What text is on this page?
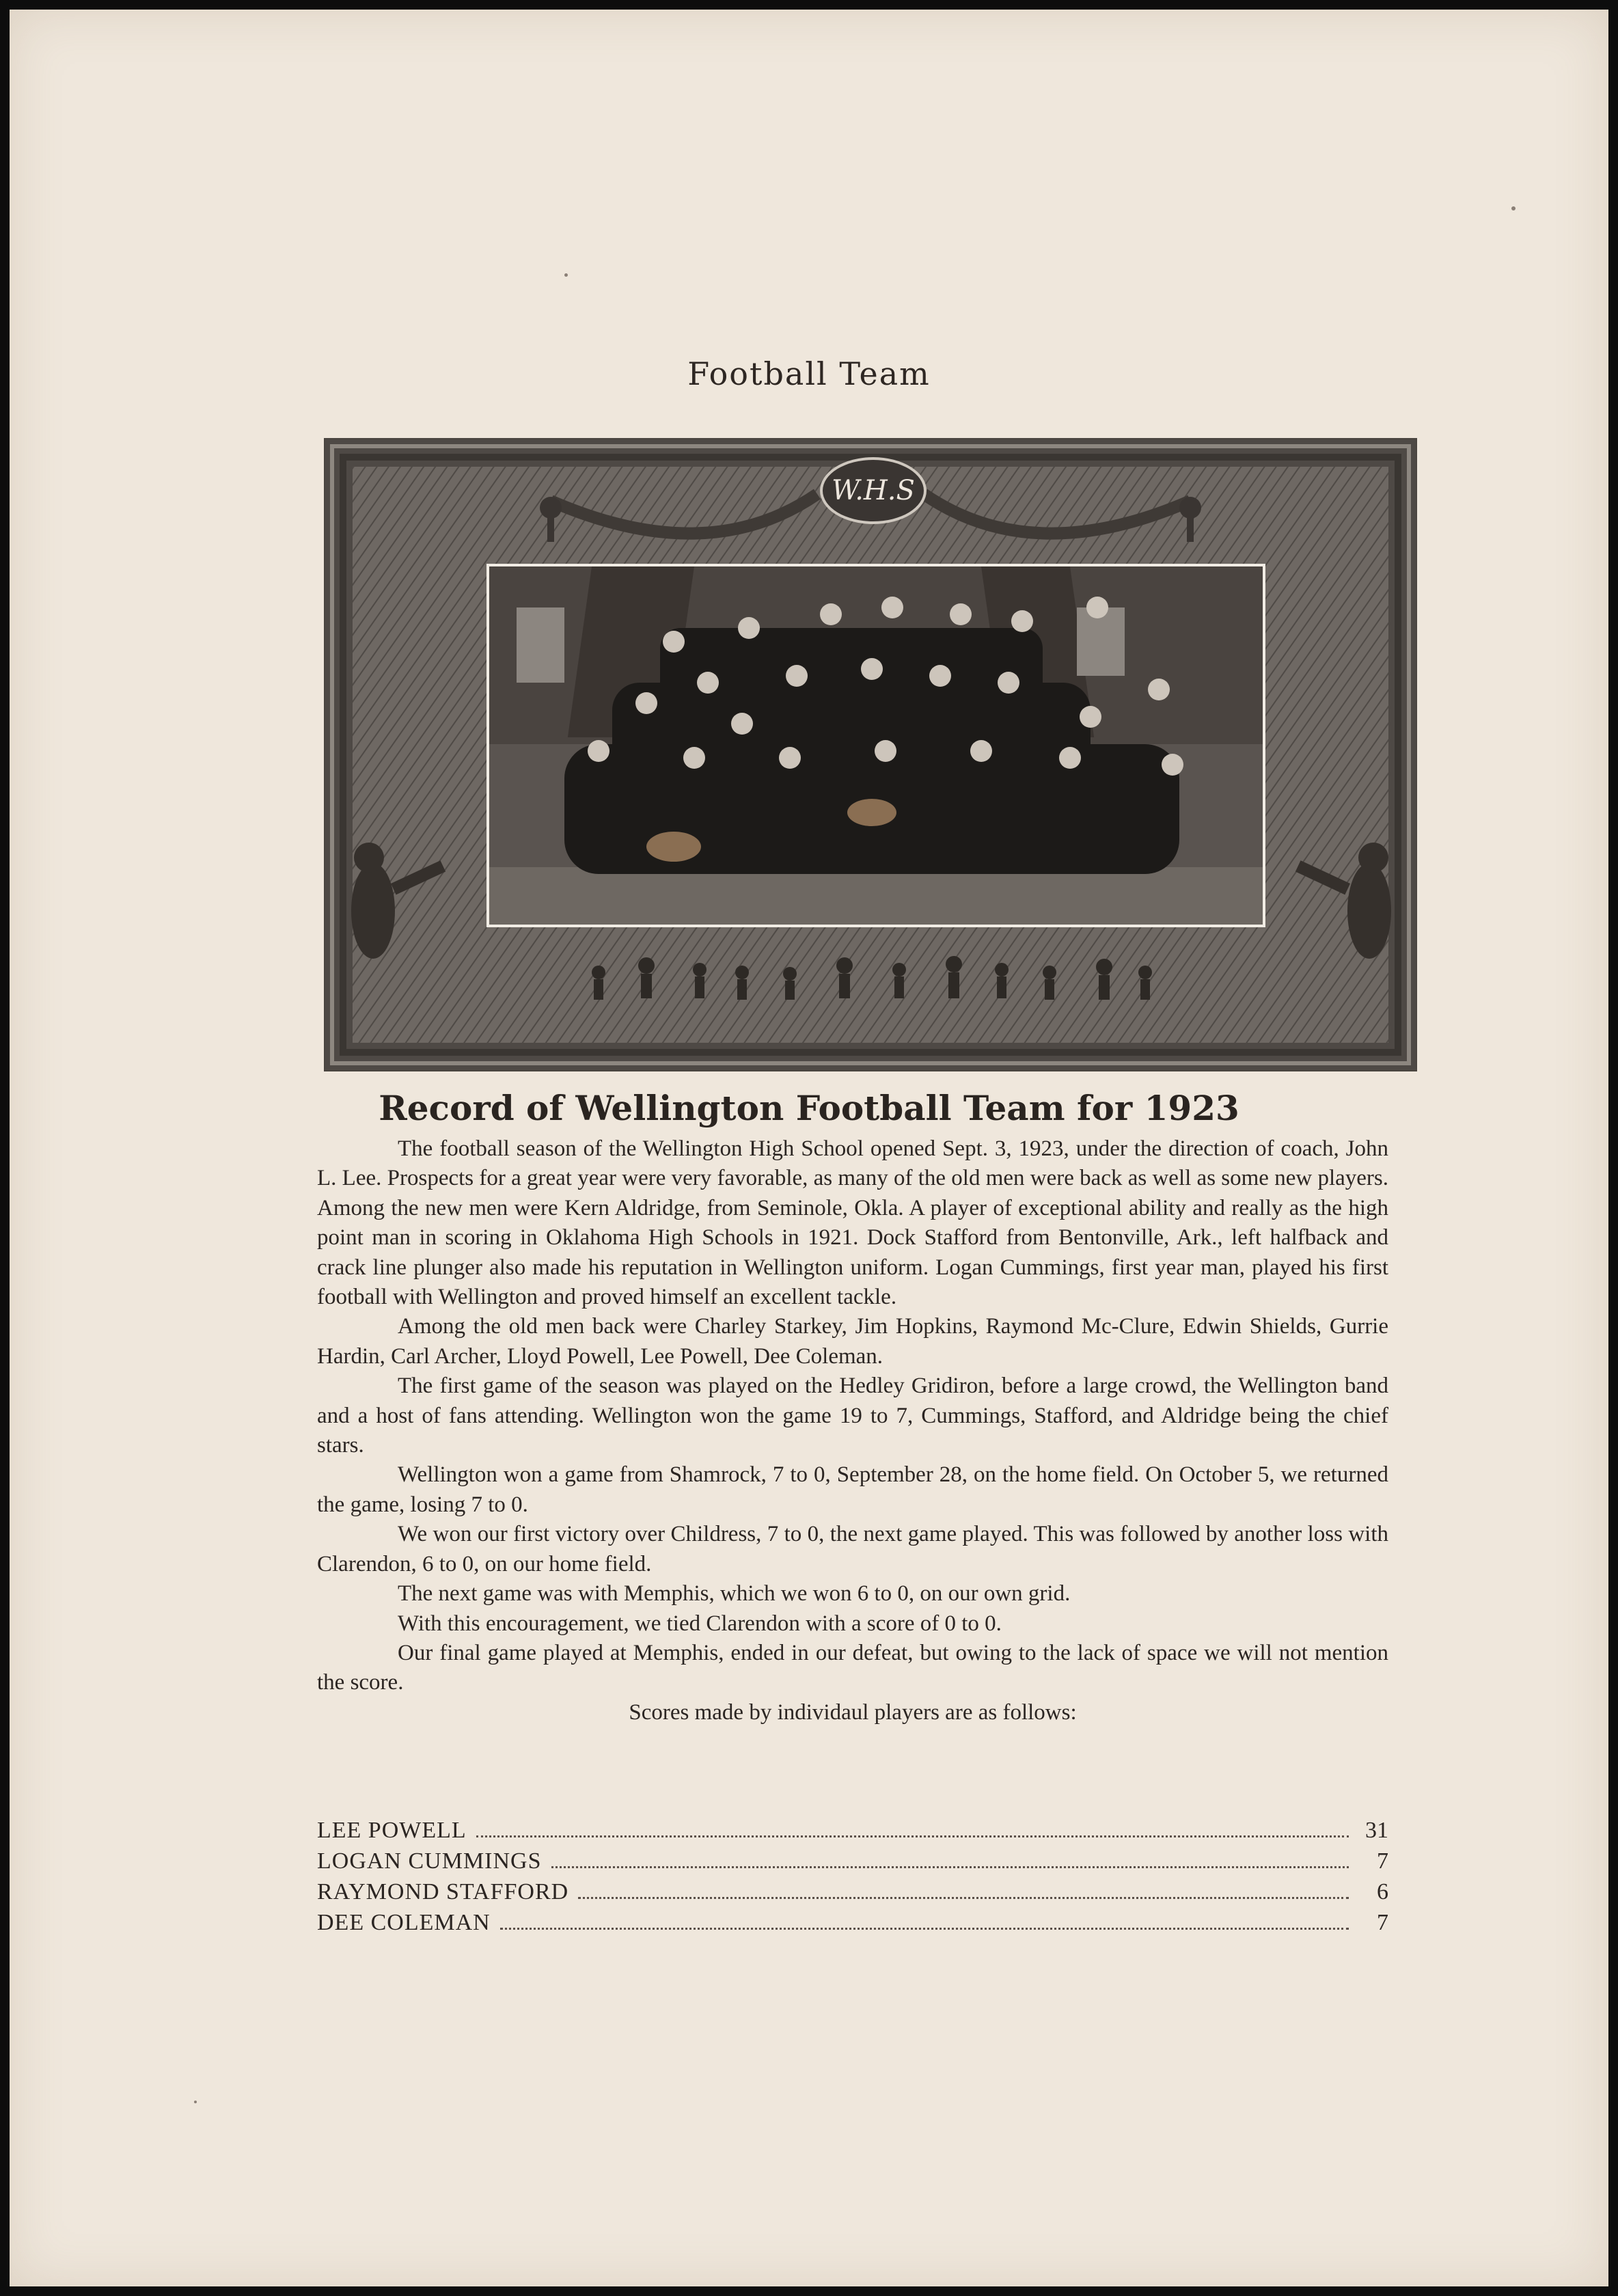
Football Team
W.H.S
Record of Wellington Football Team for 1923

The football season of the Wellington High School opened Sept. 3, 1923, under the direction of coach, John L. Lee. Prospects for a great year were very favorable, as many of the old men were back as well as some new players. Among the new men were Kern Aldridge, from Seminole, Okla. A player of exceptional ability and really as the high point man in scoring in Oklahoma High Schools in 1921. Dock Stafford from Bentonville, Ark., left halfback and crack line plunger also made his reputation in Wellington uniform. Logan Cummings, first year man, played his first football with Wellington and proved himself an excellent tackle.

Among the old men back were Charley Starkey, Jim Hopkins, Raymond Mc-Clure, Edwin Shields, Gurrie Hardin, Carl Archer, Lloyd Powell, Lee Powell, Dee Coleman.

The first game of the season was played on the Hedley Gridiron, before a large crowd, the Wellington band and a host of fans attending. Wellington won the game 19 to 7, Cummings, Stafford, and Aldridge being the chief stars.

Wellington won a game from Shamrock, 7 to 0, September 28, on the home field. On October 5, we returned the game, losing 7 to 0.

We won our first victory over Childress, 7 to 0, the next game played. This was followed by another loss with Clarendon, 6 to 0, on our home field.

The next game was with Memphis, which we won 6 to 0, on our own grid.

With this encouragement, we tied Clarendon with a score of 0 to 0.

Our final game played at Memphis, ended in our defeat, but owing to the lack of space we will not mention the score.

Scores made by individaul players are as follows:

LEE POWELL	31
LOGAN CUMMINGS	7
RAYMOND STAFFORD	6
DEE COLEMAN	7
